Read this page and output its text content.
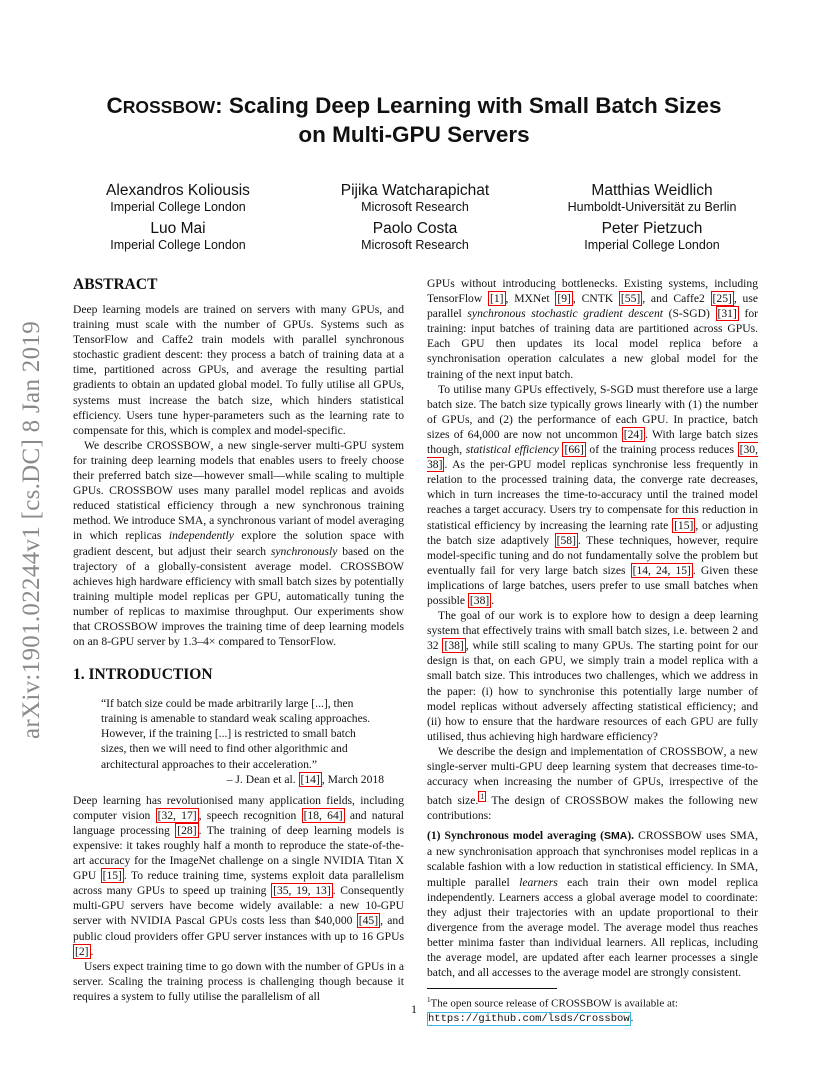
arXiv:1901.02244v1 [cs.DC] 8 Jan 2019
CROSSBOW: Scaling Deep Learning with Small Batch Sizes
on Multi-GPU Servers
Alexandros Koliousis
Imperial College London
Pijika Watcharapichat
Microsoft Research
Matthias Weidlich
Humboldt-Universität zu Berlin
Luo Mai
Imperial College London
Paolo Costa
Microsoft Research
Peter Pietzuch
Imperial College London
ABSTRACT

Deep learning models are trained on servers with many GPUs, and training must scale with the number of GPUs. Systems such as TensorFlow and Caffe2 train models with parallel synchronous stochastic gradient descent: they process a batch of training data at a time, partitioned across GPUs, and average the resulting partial gradients to obtain an updated global model. To fully utilise all GPUs, systems must increase the batch size, which hinders statistical efficiency. Users tune hyper-parameters such as the learning rate to compensate for this, which is complex and model-specific.

We describe CROSSBOW, a new single-server multi-GPU system for training deep learning models that enables users to freely choose their preferred batch size—however small—while scaling to multiple GPUs. CROSSBOW uses many parallel model replicas and avoids reduced statistical efficiency through a new synchronous training method. We introduce SMA, a synchronous variant of model averaging in which replicas independently explore the solution space with gradient descent, but adjust their search synchronously based on the trajectory of a globally-consistent average model. CROSSBOW achieves high hardware efficiency with small batch sizes by potentially training multiple model replicas per GPU, automatically tuning the number of replicas to maximise throughput. Our experiments show that CROSSBOW improves the training time of deep learning models on an 8-GPU server by 1.3–4× compared to TensorFlow.

1. INTRODUCTION
“If batch size could be made arbitrarily large [...], then training is amenable to standard weak scaling approaches. However, if the training [...] is restricted to small batch sizes, then we will need to find other algorithmic and architectural approaches to their acceleration.”
– J. Dean et al. [14] , March 2018

Deep learning has revolutionised many application fields, including computer vision [32, 17] , speech recognition [18, 64] and natural language processing [28] . The training of deep learning models is expensive: it takes roughly half a month to reproduce the state-of-the-art accuracy for the ImageNet challenge on a single NVIDIA Titan X GPU [15] . To reduce training time, systems exploit data parallelism across many GPUs to speed up training [35, 19, 13] . Consequently multi-GPU servers have become widely available: a new 10-GPU server with NVIDIA Pascal GPUs costs less than $40,000 [45] , and public cloud providers offer GPU server instances with up to 16 GPUs [2] .

Users expect training time to go down with the number of GPUs in a server. Scaling the training process is challenging though because it requires a system to fully utilise the parallelism of all

GPUs without introducing bottlenecks. Existing systems, including TensorFlow [1] , MXNet [9] , CNTK [55] , and Caffe2 [25] , use parallel synchronous stochastic gradient descent (S-SGD) [31] for training: input batches of training data are partitioned across GPUs. Each GPU then updates its local model replica before a synchronisation operation calculates a new global model for the training of the next input batch.

To utilise many GPUs effectively, S-SGD must therefore use a large batch size. The batch size typically grows linearly with (1) the number of GPUs, and (2) the performance of each GPU. In practice, batch sizes of 64,000 are now not uncommon [24] . With large batch sizes though, statistical efficiency [66] of the training process reduces [30, 38] . As the per-GPU model replicas synchronise less frequently in relation to the processed training data, the converge rate decreases, which in turn increases the time-to-accuracy until the trained model reaches a target accuracy. Users try to compensate for this reduction in statistical efficiency by increasing the learning rate [15] , or adjusting the batch size adaptively [58] . These techniques, however, require model-specific tuning and do not fundamentally solve the problem but eventually fail for very large batch sizes [14, 24, 15] . Given these implications of large batches, users prefer to use small batches when possible [38] .

The goal of our work is to explore how to design a deep learning system that effectively trains with small batch sizes, i.e. between 2 and 32 [38] , while still scaling to many GPUs. The starting point for our design is that, on each GPU, we simply train a model replica with a small batch size. This introduces two challenges, which we address in the paper: (i) how to synchronise this potentially large number of model replicas without adversely affecting statistical efficiency; and (ii) how to ensure that the hardware resources of each GPU are fully utilised, thus achieving high hardware efficiency?

We describe the design and implementation of CROSSBOW, a new single-server multi-GPU deep learning system that decreases time-to-accuracy when increasing the number of GPUs, irrespective of the batch size. $^1$ The design of CROSSBOW makes the following new contributions:

(1) Synchronous model averaging (SMA). CROSSBOW uses SMA, a new synchronisation approach that synchronises model replicas in a scalable fashion with a low reduction in statistical efficiency. In SMA, multiple parallel learners each train their own model replica independently. Learners access a global average model to coordinate: they adjust their trajectories with an update proportional to their divergence from the average model. The average model thus reaches better minima faster than individual learners. All replicas, including the average model, are updated after each learner processes a single batch, and all accesses to the average model are strongly consistent.

$^1$The open source release of CROSSBOW is available at:
https://github.com/lsds/Crossbow.
1
